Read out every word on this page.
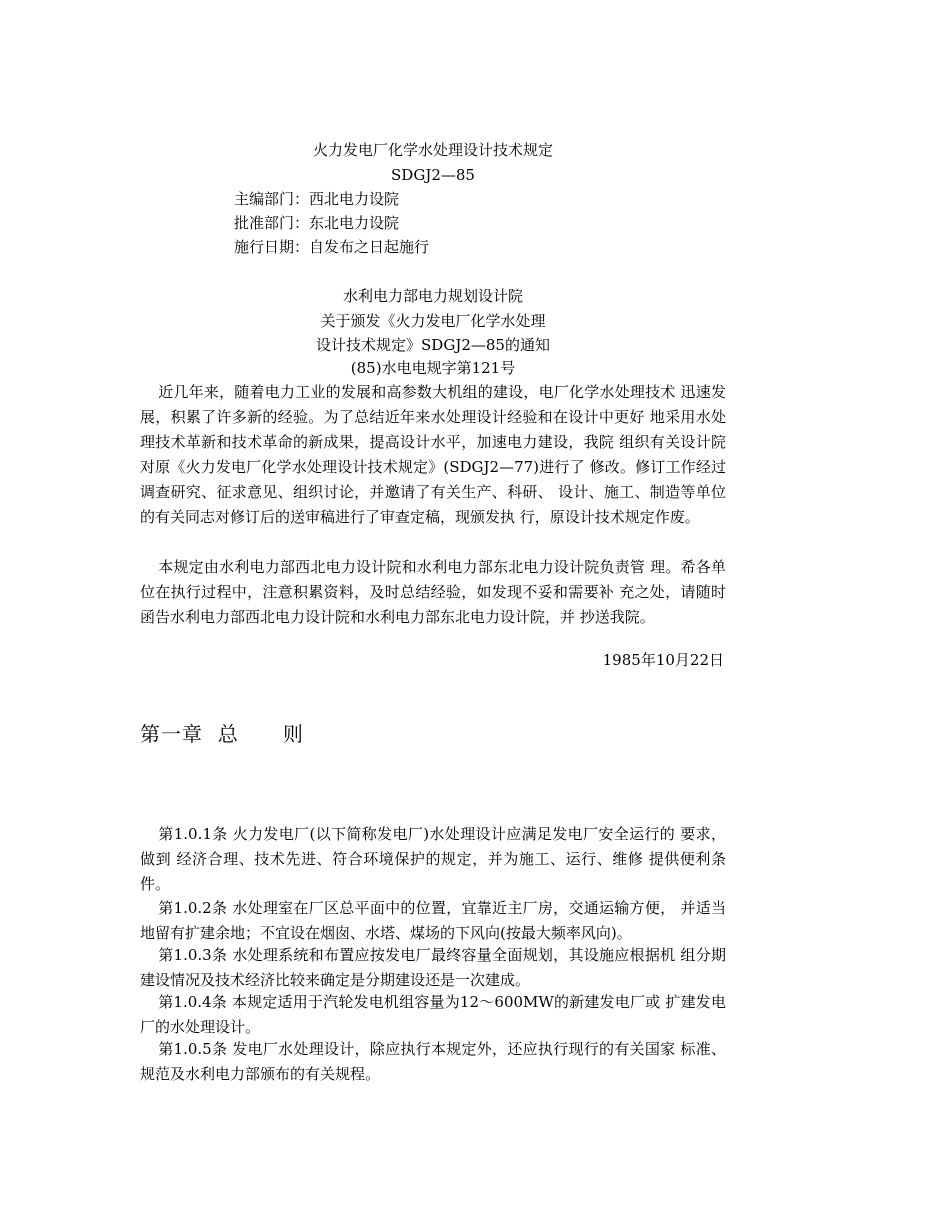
火力发电厂化学水处理设计技术规定
SDGJ2—85
主编部门：西北电力设院
批准部门：东北电力设院
施行日期：自发布之日起施行
水利电力部电力规划设计院
关于颁发《火力发电厂化学水处理
设计技术规定》SDGJ2—85的通知
(85)水电电规字第121号

近几年来，随着电力工业的发展和高参数大机组的建设，电厂化学水处理技术 迅速发展，积累了许多新的经验。为了总结近年来水处理设计经验和在设计中更好 地采用水处理技术革新和技术革命的新成果，提高设计水平，加速电力建设，我院 组织有关设计院对原《火力发电厂化学水处理设计技术规定》(SDGJ2—77)进行了 修改。修订工作经过调查研究、征求意见、组织讨论，并邀请了有关生产、科研、 设计、施工、制造等单位的有关同志对修订后的送审稿进行了审查定稿，现颁发执 行，原设计技术规定作废。

本规定由水利电力部西北电力设计院和水利电力部东北电力设计院负责管 理。希各单位在执行过程中，注意积累资料，及时总结经验，如发现不妥和需要补 充之处，请随时函告水利电力部西北电力设计院和水利电力部东北电力设计院，并 抄送我院。

1985年10月22日
第一章  总      则

第1.0.1条 火力发电厂(以下简称发电厂)水处理设计应满足发电厂安全运行的 要求，做到 经济合理、技术先进、符合环境保护的规定，并为施工、运行、维修 提供便利条件。

第1.0.2条 水处理室在厂区总平面中的位置，宜靠近主厂房，交通运输方便， 并适当地留有扩建余地；不宜设在烟囱、水塔、煤场的下风向(按最大频率风向)。

第1.0.3条 水处理系统和布置应按发电厂最终容量全面规划，其设施应根据机 组分期建设情况及技术经济比较来确定是分期建设还是一次建成。

第1.0.4条 本规定适用于汽轮发电机组容量为12～600MW的新建发电厂或 扩建发电厂的水处理设计。

第1.0.5条 发电厂水处理设计，除应执行本规定外，还应执行现行的有关国家 标准、规范及水利电力部颁布的有关规程。
